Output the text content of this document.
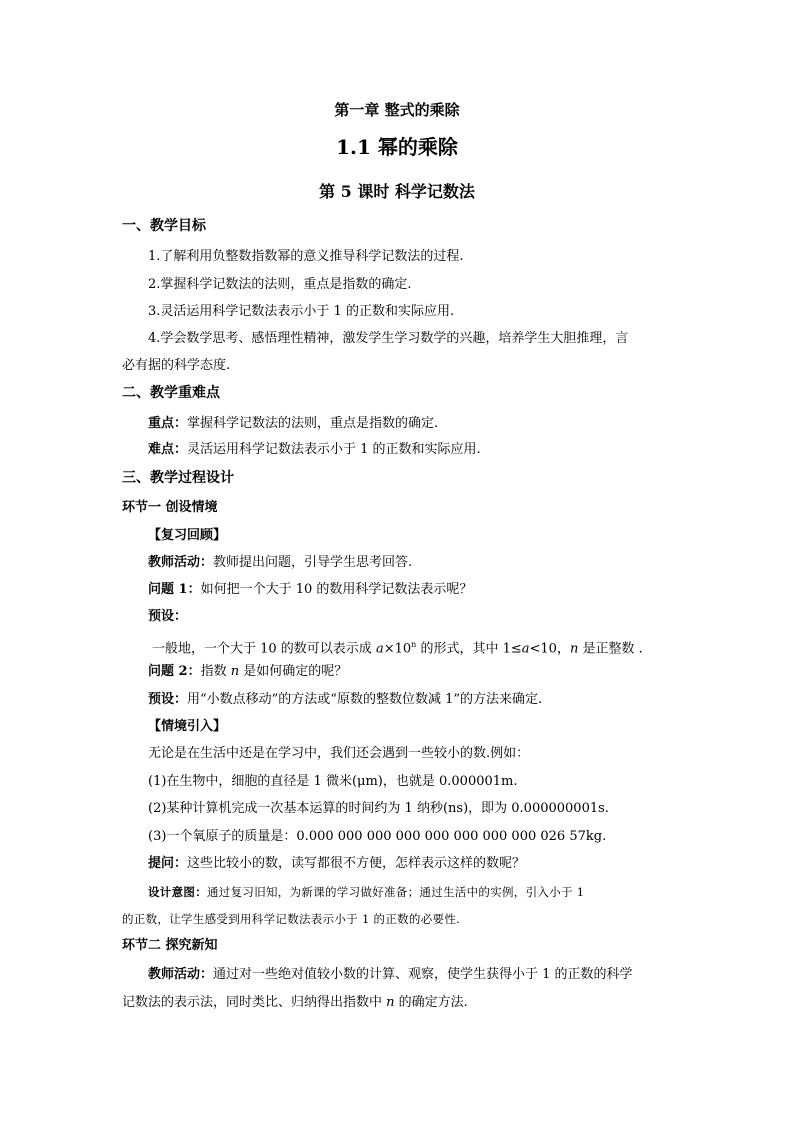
第一章 整式的乘除
1.1 幂的乘除
第 5 课时 科学记数法
一、教学目标
1.了解利用负整数指数幂的意义推导科学记数法的过程.
2.掌握科学记数法的法则，重点是指数的确定.
3.灵活运用科学记数法表示小于 1 的正数和实际应用.
4.学会数学思考、感悟理性精神，激发学生学习数学的兴趣，培养学生大胆推理，言
必有据的科学态度.
二、教学重难点
重点：掌握科学记数法的法则，重点是指数的确定.
难点：灵活运用科学记数法表示小于 1 的正数和实际应用.
三、教学过程设计
环节一 创设情境
【复习回顾】
教师活动：教师提出问题，引导学生思考回答.
问题 1：如何把一个大于 10 的数用科学记数法表示呢？
预设：
一般地，一个大于 10 的数可以表示成 $a\times 10^n$ 的形式，其中 1≤a<10，n 是正整数 .
问题 2：指数 n 是如何确定的呢？
预设：用“小数点移动”的方法或“原数的整数位数减 1”的方法来确定.
【情境引入】
无论是在生活中还是在学习中，我们还会遇到一些较小的数.例如：
(1)在生物中，细胞的直径是 1 微米(μm)，也就是 0.000001m.
(2)某种计算机完成一次基本运算的时间约为 1 纳秒(ns)，即为 0.000000001s.
(3)一个氧原子的质量是：0.000 000 000 000 000 000 000 000 026 57kg.
提问：这些比较小的数，读写都很不方便，怎样表示这样的数呢？
设计意图：通过复习旧知，为新课的学习做好准备；通过生活中的实例，引入小于 1
的正数，让学生感受到用科学记数法表示小于 1 的正数的必要性.
环节二 探究新知
教师活动：通过对一些绝对值较小数的计算、观察，使学生获得小于 1 的正数的科学
记数法的表示法，同时类比、归纳得出指数中 n 的确定方法.
